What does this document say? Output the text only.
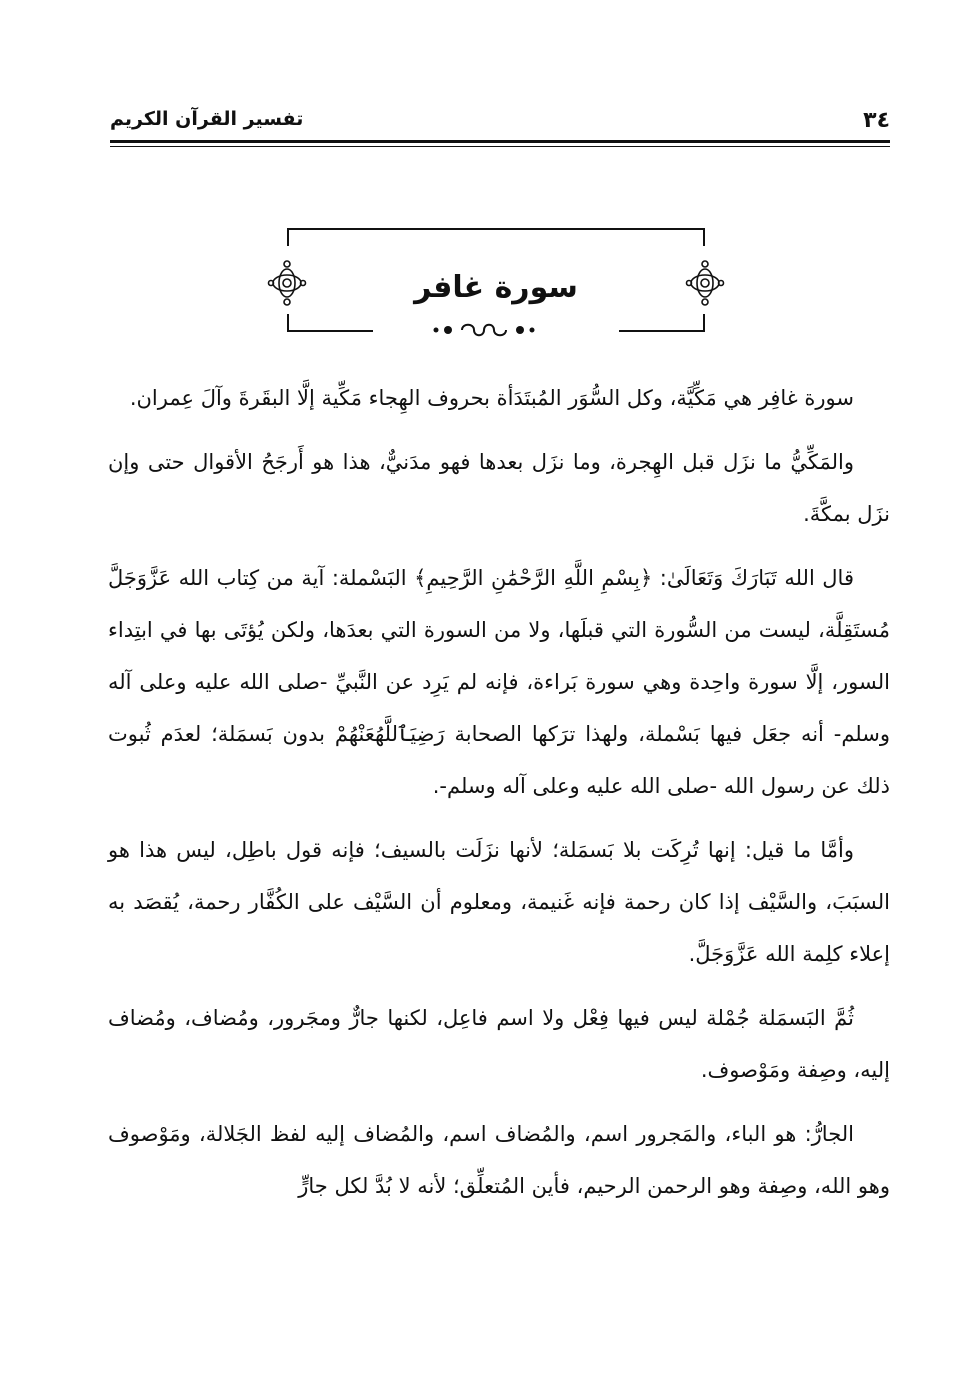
٣٤
تفسير القرآن الكريم
سورة غافر

سورة غافِر هي مَكِّيَّة، وكل السُّوَر المُبتَدَأة بحروف الهِجاء مَكِّية إلَّا البقَرةَ وآلَ عِمران.

والمَكِّيُّ ما نزَل قبل الهِجرة، وما نزَل بعدها فهو مدَنيٌّ، هذا هو أَرجَحُ الأقوال حتى وإن نزَل بمكَّةَ.

قال الله تَبَارَكَ وَتَعَالَىٰ: ﴿بِسْمِ اللَّهِ الرَّحْمَٰنِ الرَّحِيمِ﴾ البَسْملة: آية من كِتاب الله عَزَّوَجَلَّ مُستَقِلَّة، ليست من السُّورة التي قبلَها، ولا من السورة التي بعدَها، ولكن يُؤتَى بها في ابتِداء السور، إلَّا سورة واحِدة وهي سورة بَراءة، فإنه لم يَرِد عن النَّبيِّ -صلى الله عليه وعلى آله وسلم- أنه جعَل فيها بَسْملة، ولهذا ترَكها الصحابة رَضِيَٱللَّهُعَنْهُمْ بدون بَسمَلة؛ لعدَم ثُبوت ذلك عن رسول الله -صلى الله عليه وعلى آله وسلم-.

وأمَّا ما قيل: إنها تُرِكَت بلا بَسمَلة؛ لأنها نزَلَت بالسيف؛ فإنه قول باطِل، ليس هذا هو السبَبَ، والسَّيْف إذا كان رحمة فإنه غَنيمة، ومعلوم أن السَّيْف على الكُفَّار رحمة، يُقصَد به إعلاء كلِمة الله عَزَّوَجَلَّ.

ثُمَّ البَسمَلة جُمْلة ليس فيها فِعْل ولا اسم فاعِل، لكنها جارٌّ ومجَرور، ومُضاف، ومُضاف إليه، وصِفة ومَوْصوف.

الجارُّ: هو الباء، والمَجرور اسم، والمُضاف اسم، والمُضاف إليه لفظ الجَلالة، ومَوْصوف وهو الله، وصِفة وهو الرحمن الرحيم، فأين المُتعلِّق؛ لأنه لا بُدَّ لكل جارٍّ
